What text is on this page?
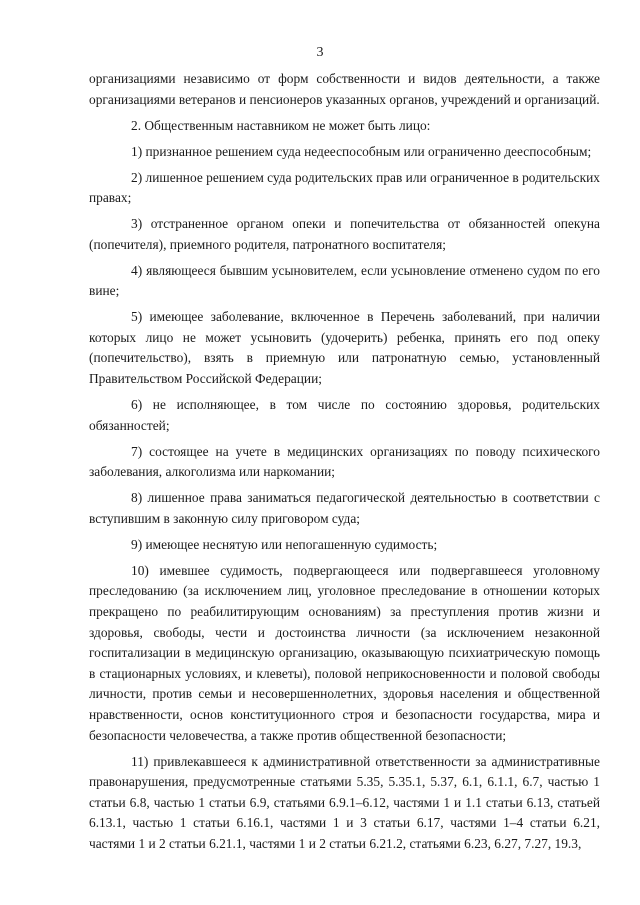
3

организациями независимо от форм собственности и видов деятельности, а также организациями ветеранов и пенсионеров указанных органов, учреждений и организаций.

2. Общественным наставником не может быть лицо:

1) признанное решением суда недееспособным или ограниченно дееспособным;

2) лишенное решением суда родительских прав или ограниченное в родительских правах;

3) отстраненное органом опеки и попечительства от обязанностей опекуна (попечителя), приемного родителя, патронатного воспитателя;

4) являющееся бывшим усыновителем, если усыновление отменено судом по его вине;

5) имеющее заболевание, включенное в Перечень заболеваний, при наличии которых лицо не может усыновить (удочерить) ребенка, принять его под опеку (попечительство), взять в приемную или патронатную семью, установленный Правительством Российской Федерации;

6) не исполняющее, в том числе по состоянию здоровья, родительских обязанностей;

7) состоящее на учете в медицинских организациях по поводу психического заболевания, алкоголизма или наркомании;

8) лишенное права заниматься педагогической деятельностью в соответствии с вступившим в законную силу приговором суда;

9) имеющее неснятую или непогашенную судимость;

10) имевшее судимость, подвергающееся или подвергавшееся уголовному преследованию (за исключением лиц, уголовное преследование в отношении которых прекращено по реабилитирующим основаниям) за преступления против жизни и здоровья, свободы, чести и достоинства личности (за исключением незаконной госпитализации в медицинскую организацию, оказывающую психиатрическую помощь в стационарных условиях, и клеветы), половой неприкосновенности и половой свободы личности, против семьи и несовершеннолетних, здоровья населения и общественной нравственности, основ конституционного строя и безопасности государства, мира и безопасности человечества, а также против общественной безопасности;

11) привлекавшееся к административной ответственности за административные правонарушения, предусмотренные статьями 5.35, 5.35.1, 5.37, 6.1, 6.1.1, 6.7, частью 1 статьи 6.8, частью 1 статьи 6.9, статьями 6.9.1–6.12, частями 1 и 1.1 статьи 6.13, статьей 6.13.1, частью 1 статьи 6.16.1, частями 1 и 3 статьи 6.17, частями 1–4 статьи 6.21, частями 1 и 2 статьи 6.21.1, частями 1 и 2 статьи 6.21.2, статьями 6.23, 6.27, 7.27, 19.3,
